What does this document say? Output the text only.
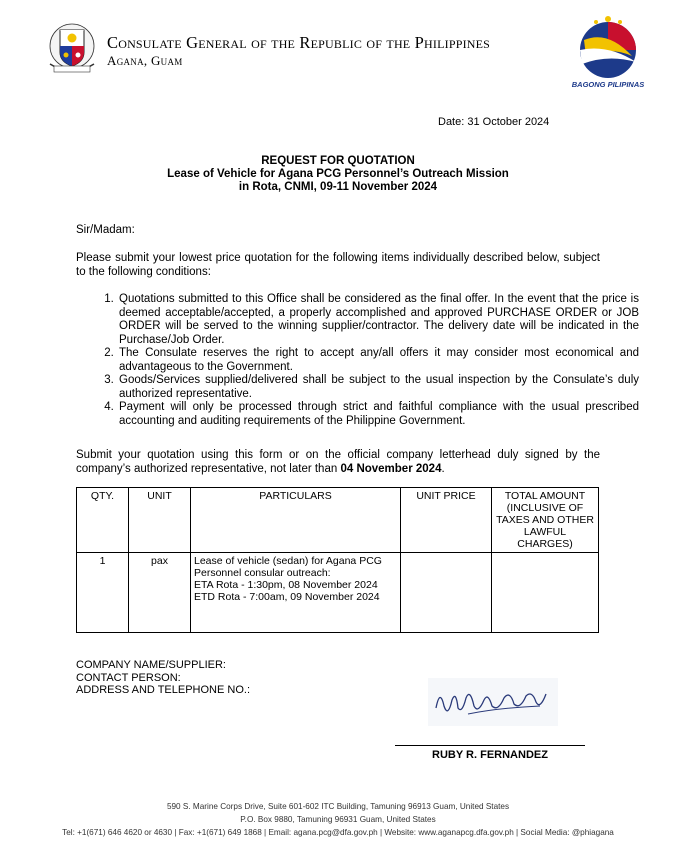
Consulate General of the Republic of the Philippines
Agana, Guam
BAGONG PILIPINAS
Date: 31 October 2024
REQUEST FOR QUOTATION
Lease of Vehicle for Agana PCG Personnel’s Outreach Mission
in Rota, CNMI, 09-11 November 2024
Sir/Madam:
Please submit your lowest price quotation for the following items individually described below, subject to the following conditions:
1. Quotations submitted to this Office shall be considered as the final offer. In the event that the price is deemed acceptable/accepted, a properly accomplished and approved PURCHASE ORDER or JOB ORDER will be served to the winning supplier/contractor. The delivery date will be indicated in the Purchase/Job Order.
2. The Consulate reserves the right to accept any/all offers it may consider most economical and advantageous to the Government.
3. Goods/Services supplied/delivered shall be subject to the usual inspection by the Consulate’s duly authorized representative.
4. Payment will only be processed through strict and faithful compliance with the usual prescribed accounting and auditing requirements of the Philippine Government.
Submit your quotation using this form or on the official company letterhead duly signed by the company’s authorized representative, not later than 04 November 2024.
QTY.	UNIT	PARTICULARS	UNIT PRICE	TOTAL AMOUNT (INCLUSIVE OF TAXES AND OTHER LAWFUL CHARGES)
1	pax	Lease of vehicle (sedan) for Agana PCG Personnel consular outreach:
ETA Rota - 1:30pm, 08 November 2024
ETD Rota - 7:00am, 09 November 2024		

COMPANY NAME/SUPPLIER:
CONTACT PERSON:
ADDRESS AND TELEPHONE NO.:
RUBY R. FERNANDEZ
590 S. Marine Corps Drive, Suite 601-602 ITC Building, Tamuning 96913 Guam, United States
P.O. Box 9880, Tamuning 96931 Guam, United States
Tel: +1(671) 646 4620 or 4630 | Fax: +1(671) 649 1868 | Email: agana.pcg@dfa.gov.ph | Website: www.aganapcg.dfa.gov.ph | Social Media: @phiagana
